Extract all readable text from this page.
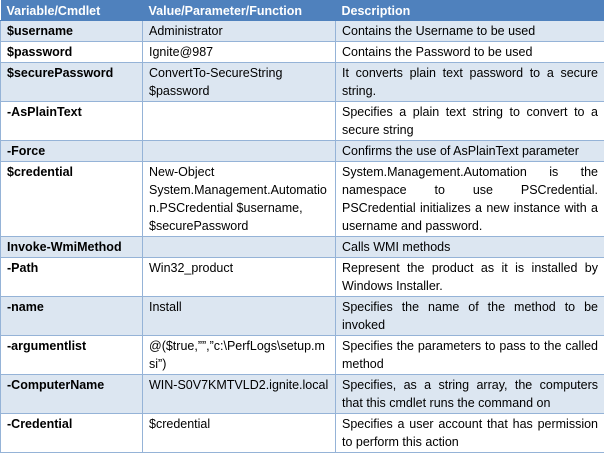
Variable/Cmdlet	Value/Parameter/Function	Description
$username	Administrator	Contains the Username to be used
$password	Ignite@987	Contains the Password to be used
$securePassword	ConvertTo-SecureString $password	It converts plain text password to a secure string.
-AsPlainText		Specifies a plain text string to convert to a secure string
-Force		Confirms the use of AsPlainText parameter
$credential	New-Object System.Management.Automation.PSCredential $username, $securePassword	System.Management.Automation is the namespace to use PSCredential. PSCredential initializes a new instance with a username and password.
Invoke-WmiMethod		Calls WMI methods
-Path	Win32_product	Represent the product as it is installed by Windows Installer.
-name	Install	Specifies the name of the method to be invoked
-argumentlist	@($true,””,”c:\PerfLogs\setup.msi”)	Specifies the parameters to pass to the called method
-ComputerName	WIN-S0V7KMTVLD2.ignite.local	Specifies, as a string array, the computers that this cmdlet runs the command on
-Credential	$credential	Specifies a user account that has permission to perform this action
